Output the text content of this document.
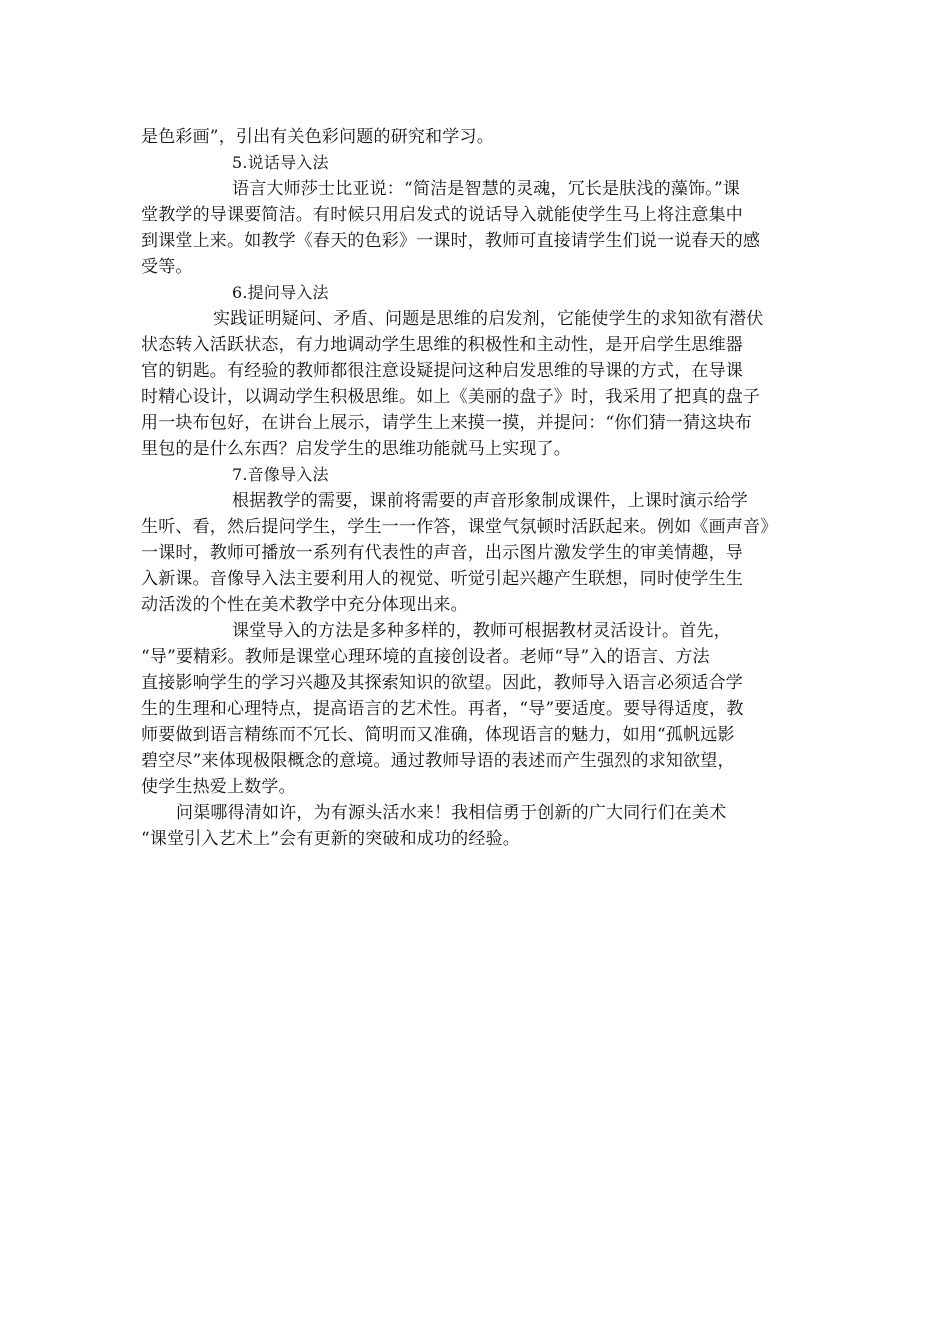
是色彩画”，引出有关色彩问题的研究和学习。
5.说话导入法
语言大师莎士比亚说：“简洁是智慧的灵魂，冗长是肤浅的藻饰。”课
堂教学的导课要简洁。有时候只用启发式的说话导入就能使学生马上将注意集中
到课堂上来。如教学《春天的色彩》一课时，教师可直接请学生们说一说春天的感
受等。
6.提问导入法
实践证明疑问、矛盾、问题是思维的启发剂，它能使学生的求知欲有潜伏
状态转入活跃状态，有力地调动学生思维的积极性和主动性，是开启学生思维器
官的钥匙。有经验的教师都很注意设疑提问这种启发思维的导课的方式，在导课
时精心设计，以调动学生积极思维。如上《美丽的盘子》时，我采用了把真的盘子
用一块布包好，在讲台上展示，请学生上来摸一摸，并提问：“你们猜一猜这块布
里包的是什么东西？启发学生的思维功能就马上实现了。
7.音像导入法
根据教学的需要，课前将需要的声音形象制成课件，上课时演示给学
生听、看，然后提问学生，学生一一作答，课堂气氛顿时活跃起来。例如《画声音》
一课时，教师可播放一系列有代表性的声音，出示图片激发学生的审美情趣，导
入新课。音像导入法主要利用人的视觉、听觉引起兴趣产生联想，同时使学生生
动活泼的个性在美术教学中充分体现出来。
课堂导入的方法是多种多样的，教师可根据教材灵活设计。首先，
“导”要精彩。教师是课堂心理环境的直接创设者。老师“导”入的语言、方法
直接影响学生的学习兴趣及其探索知识的欲望。因此，教师导入语言必须适合学
生的生理和心理特点，提高语言的艺术性。再者，“导”要适度。要导得适度，教
师要做到语言精练而不冗长、简明而又准确，体现语言的魅力，如用“孤帆远影
碧空尽”来体现极限概念的意境。通过教师导语的表述而产生强烈的求知欲望，
使学生热爱上数学。
问渠哪得清如许，为有源头活水来！我相信勇于创新的广大同行们在美术
“课堂引入艺术上”会有更新的突破和成功的经验。
